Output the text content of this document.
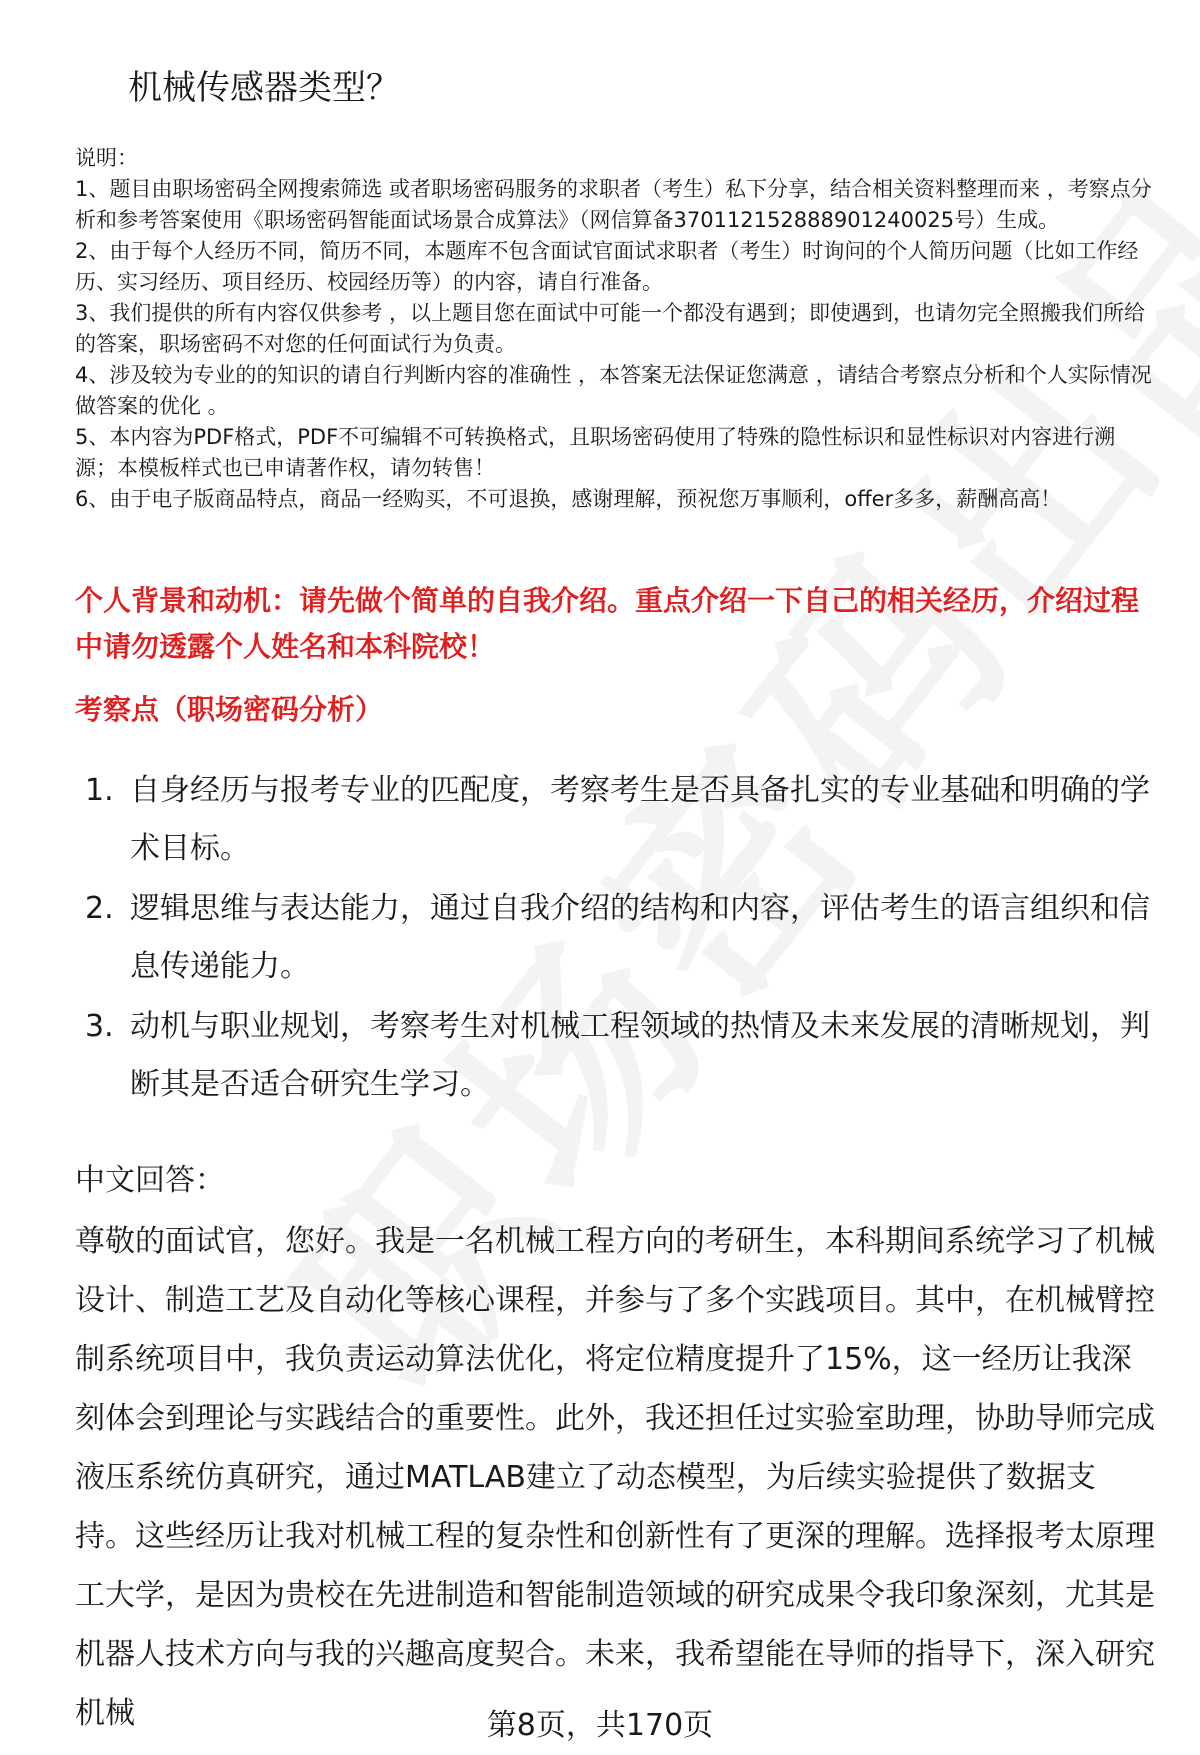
机械传感器类型？

说明：

1、题目由职场密码全网搜索筛选 或者职场密码服务的求职者（考生）私下分享，结合相关资料整理而来 ，考察点分析和参考答案使用《职场密码智能面试场景合成算法》（网信算备370112152888901240025号）生成。

2、由于每个人经历不同，简历不同，本题库不包含面试官面试求职者（考生）时询问的个人简历问题（比如工作经历、实习经历、项目经历、校园经历等）的内容，请自行准备。

3、我们提供的所有内容仅供参考 ，以上题目您在面试中可能一个都没有遇到；即使遇到，也请勿完全照搬我们所给的答案，职场密码不对您的任何面试行为负责。

4、涉及较为专业的的知识的请自行判断内容的准确性 ，本答案无法保证您满意 ，请结合考察点分析和个人实际情况做答案的优化 。

5、本内容为PDF格式，PDF不可编辑不可转换格式，且职场密码使用了特殊的隐性标识和显性标识对内容进行溯源；本模板样式也已申请著作权，请勿转售！

6、由于电子版商品特点，商品一经购买，不可退换，感谢理解，预祝您万事顺利，offer多多，薪酬高高！

个人背景和动机：请先做个简单的自我介绍。重点介绍一下自己的相关经历，介绍过程中请勿透露个人姓名和本科院校！
考察点（职场密码分析）
1. 自身经历与报考专业的匹配度，考察考生是否具备扎实的专业基础和明确的学术目标。
2. 逻辑思维与表达能力，通过自我介绍的结构和内容，评估考生的语言组织和信息传递能力。
3. 动机与职业规划，考察考生对机械工程领域的热情及未来发展的清晰规划，判断其是否适合研究生学习。
中文回答：

尊敬的面试官，您好。我是一名机械工程方向的考研生，本科期间系统学习了机械设计、制造工艺及自动化等核心课程，并参与了多个实践项目。其中，在机械臂控制系统项目中，我负责运动算法优化，将定位精度提升了15%，这一经历让我深刻体会到理论与实践结合的重要性。此外，我还担任过实验室助理，协助导师完成液压系统仿真研究，通过MATLAB建立了动态模型，为后续实验提供了数据支持。这些经历让我对机械工程的复杂性和创新性有了更深的理解。选择报考太原理工大学，是因为贵校在先进制造和智能制造领域的研究成果令我印象深刻，尤其是机器人技术方向与我的兴趣高度契合。未来，我希望能在导师的指导下，深入研究机械	第8页，共170页
